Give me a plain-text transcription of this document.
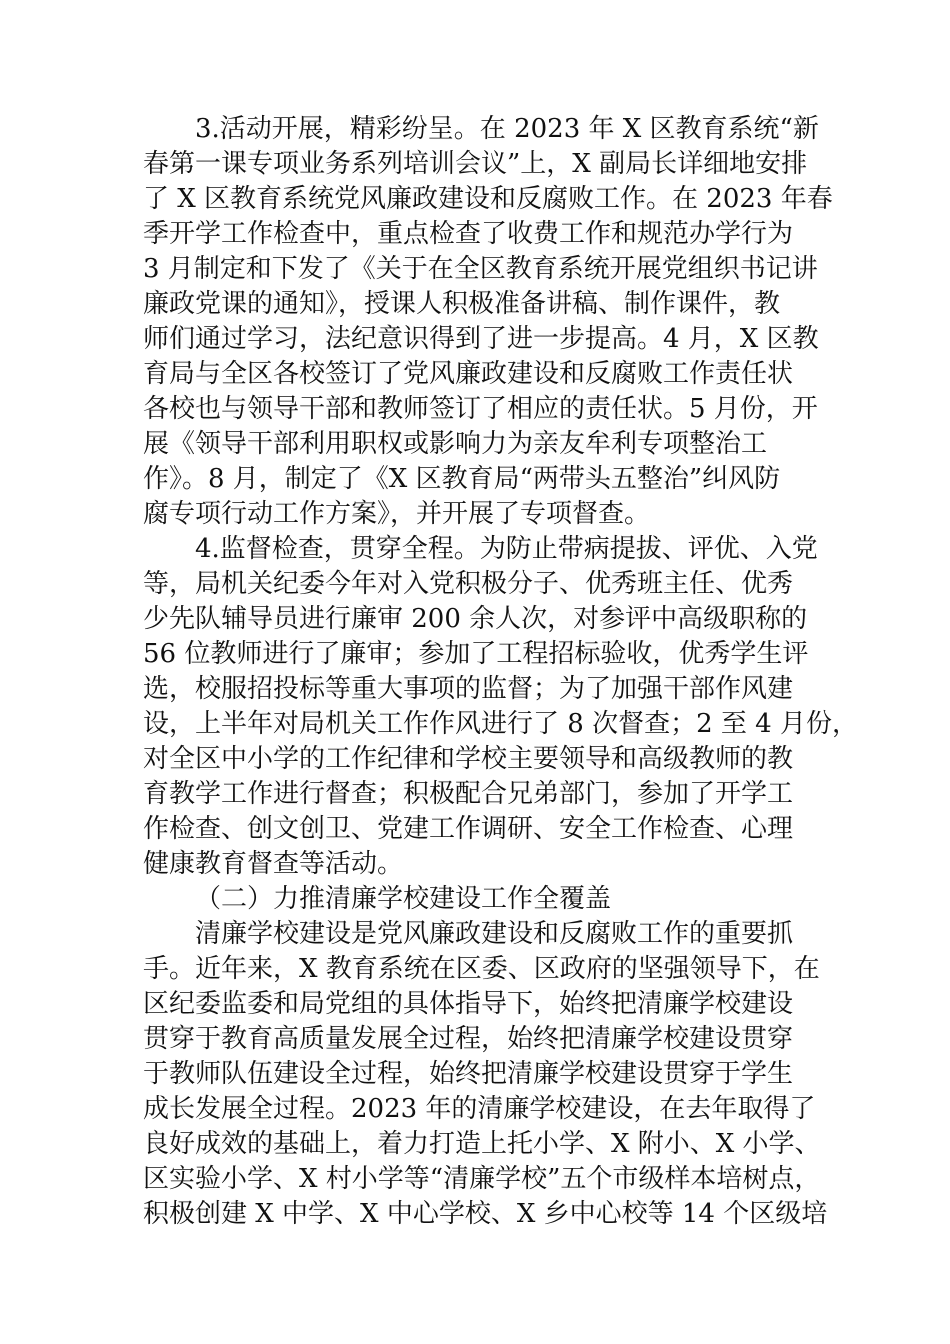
3.活动开展，精彩纷呈。在 2023 年 X 区教育系统“新
春第一课专项业务系列培训会议”上，X 副局长详细地安排
了 X 区教育系统党风廉政建设和反腐败工作。在 2023 年春
季开学工作检查中，重点检查了收费工作和规范办学行为
3 月制定和下发了《关于在全区教育系统开展党组织书记讲
廉政党课的通知》，授课人积极准备讲稿、制作课件，教
师们通过学习，法纪意识得到了进一步提高。4 月，X 区教
育局与全区各校签订了党风廉政建设和反腐败工作责任状
各校也与领导干部和教师签订了相应的责任状。5 月份，开
展《领导干部利用职权或影响力为亲友牟利专项整治工
作》。8 月，制定了《X 区教育局“两带头五整治”纠风防
腐专项行动工作方案》，并开展了专项督查。
4.监督检查，贯穿全程。为防止带病提拔、评优、入党
等，局机关纪委今年对入党积极分子、优秀班主任、优秀
少先队辅导员进行廉审 200 余人次，对参评中高级职称的
56 位教师进行了廉审；参加了工程招标验收，优秀学生评
选，校服招投标等重大事项的监督；为了加强干部作风建
设，上半年对局机关工作作风进行了 8 次督查；2 至 4 月份，
对全区中小学的工作纪律和学校主要领导和高级教师的教
育教学工作进行督查；积极配合兄弟部门，参加了开学工
作检查、创文创卫、党建工作调研、安全工作检查、心理
健康教育督查等活动。
（二）力推清廉学校建设工作全覆盖
清廉学校建设是党风廉政建设和反腐败工作的重要抓
手。近年来，X 教育系统在区委、区政府的坚强领导下，在
区纪委监委和局党组的具体指导下，始终把清廉学校建设
贯穿于教育高质量发展全过程，始终把清廉学校建设贯穿
于教师队伍建设全过程，始终把清廉学校建设贯穿于学生
成长发展全过程。2023 年的清廉学校建设，在去年取得了
良好成效的基础上，着力打造上托小学、X 附小、X 小学、
区实验小学、X 村小学等“清廉学校”五个市级样本培树点，
积极创建 X 中学、X 中心学校、X 乡中心校等 14 个区级培
